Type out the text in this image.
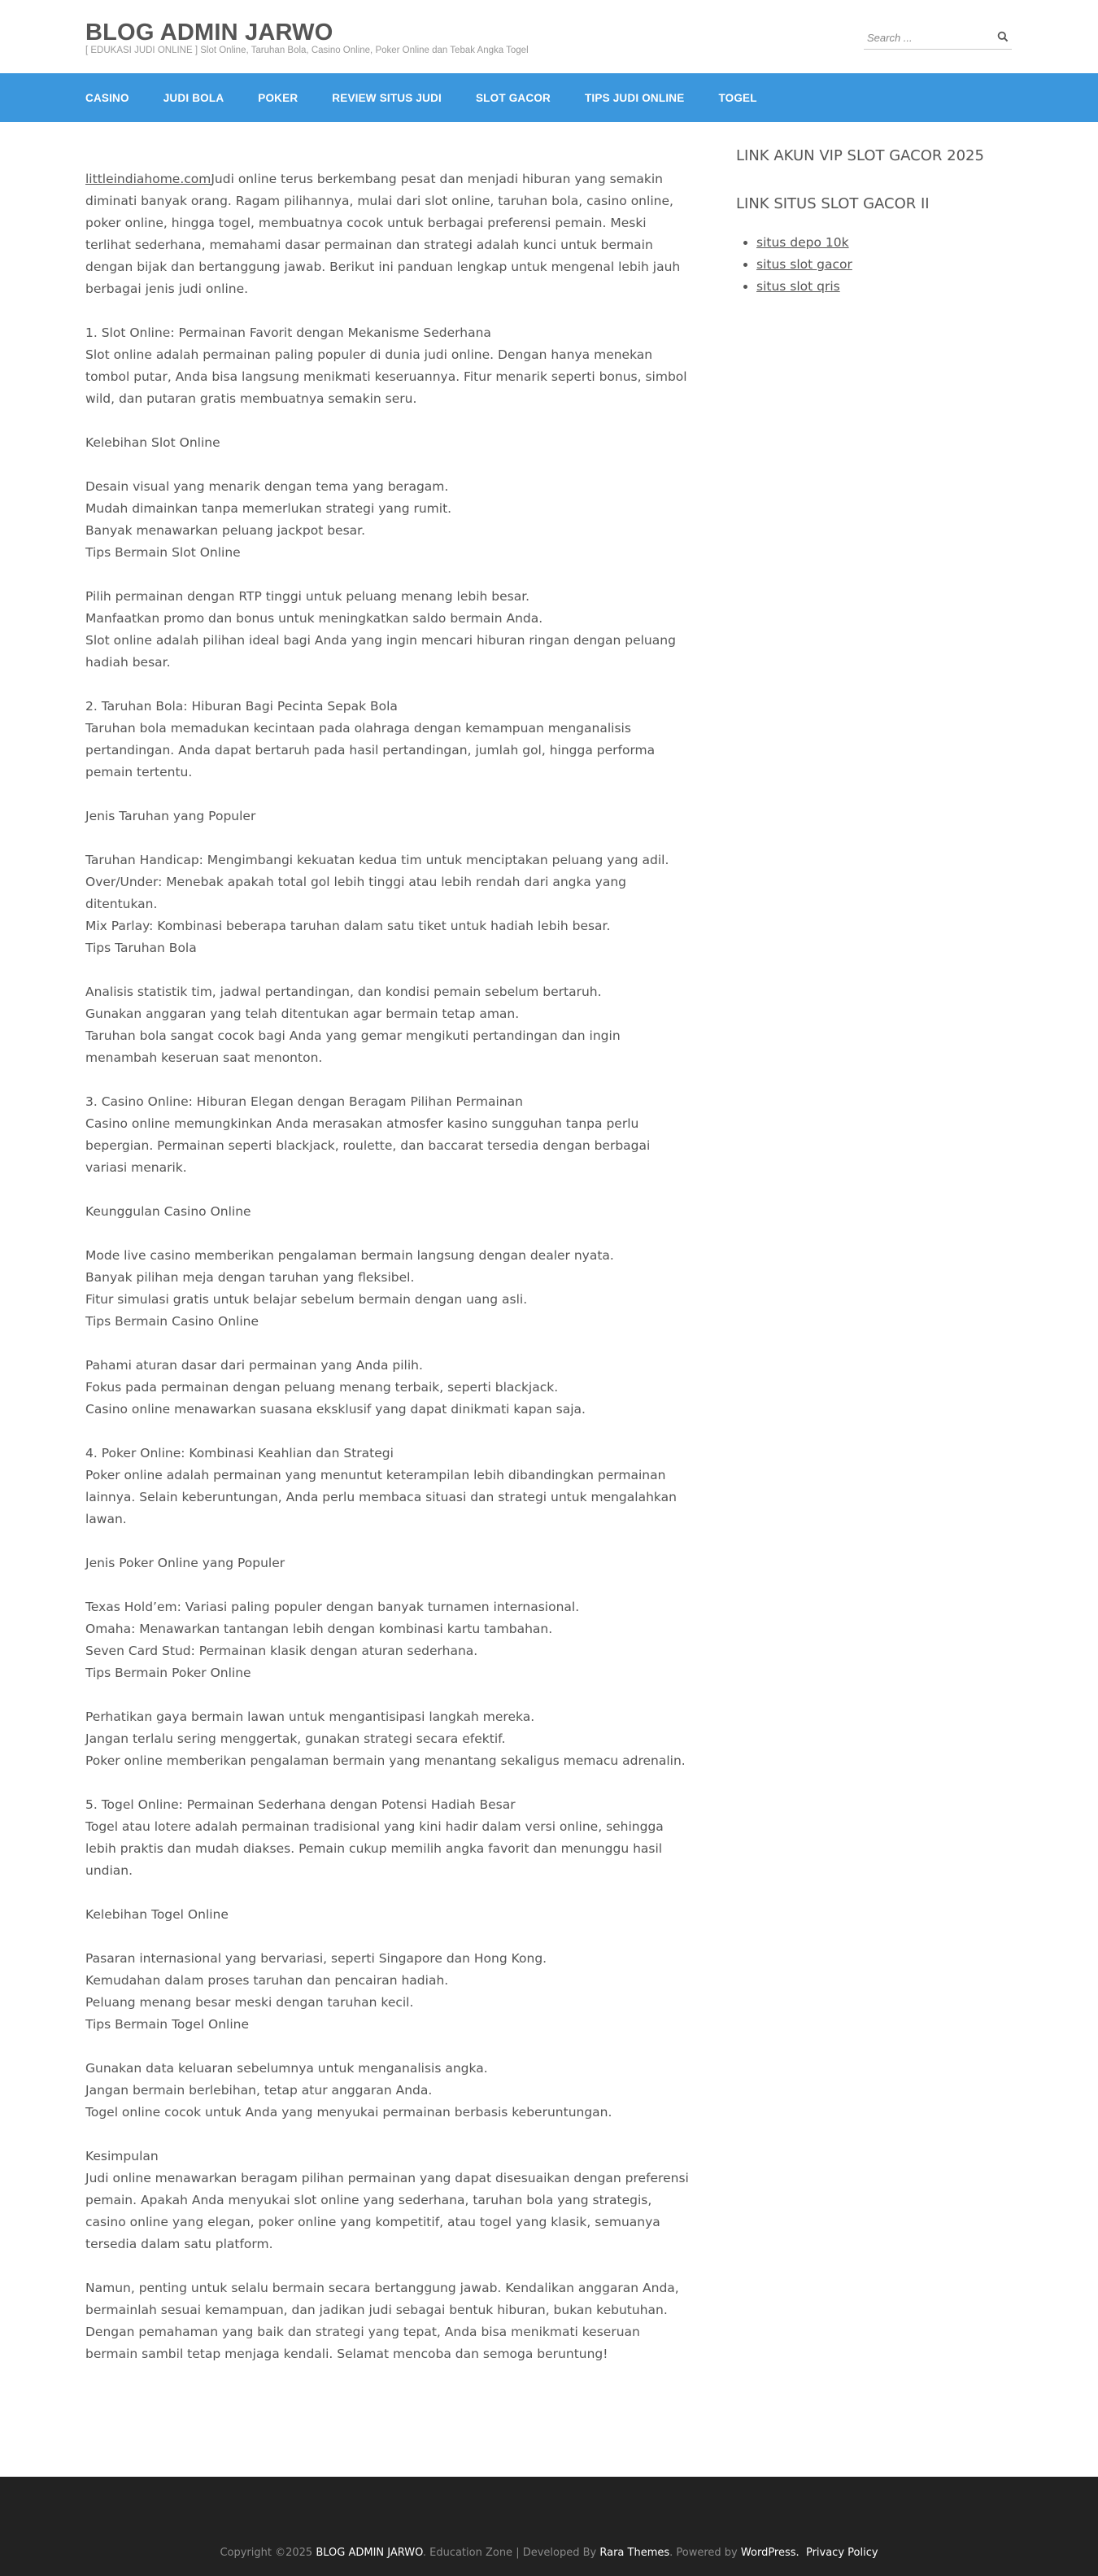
BLOG ADMIN JARWO
[ EDUKASI JUDI ONLINE ] Slot Online, Taruhan Bola, Casino Online, Poker Online dan Tebak Angka Togel
Search ...
CASINO	JUDI BOLA	POKER	REVIEW SITUS JUDI	SLOT GACOR	TIPS JUDI ONLINE	TOGEL

littleindiahome.comJudi online terus berkembang pesat dan menjadi hiburan yang semakin diminati banyak orang. Ragam pilihannya, mulai dari slot online, taruhan bola, casino online, poker online, hingga togel, membuatnya cocok untuk berbagai preferensi pemain. Meski terlihat sederhana, memahami dasar permainan dan strategi adalah kunci untuk bermain dengan bijak dan bertanggung jawab. Berikut ini panduan lengkap untuk mengenal lebih jauh berbagai jenis judi online.

1. Slot Online: Permainan Favorit dengan Mekanisme Sederhana
Slot online adalah permainan paling populer di dunia judi online. Dengan hanya menekan tombol putar, Anda bisa langsung menikmati keseruannya. Fitur menarik seperti bonus, simbol wild, dan putaran gratis membuatnya semakin seru.

Kelebihan Slot Online

Desain visual yang menarik dengan tema yang beragam.
Mudah dimainkan tanpa memerlukan strategi yang rumit.
Banyak menawarkan peluang jackpot besar.
Tips Bermain Slot Online

Pilih permainan dengan RTP tinggi untuk peluang menang lebih besar.
Manfaatkan promo dan bonus untuk meningkatkan saldo bermain Anda.
Slot online adalah pilihan ideal bagi Anda yang ingin mencari hiburan ringan dengan peluang hadiah besar.

2. Taruhan Bola: Hiburan Bagi Pecinta Sepak Bola
Taruhan bola memadukan kecintaan pada olahraga dengan kemampuan menganalisis pertandingan. Anda dapat bertaruh pada hasil pertandingan, jumlah gol, hingga performa pemain tertentu.

Jenis Taruhan yang Populer

Taruhan Handicap: Mengimbangi kekuatan kedua tim untuk menciptakan peluang yang adil.
Over/Under: Menebak apakah total gol lebih tinggi atau lebih rendah dari angka yang ditentukan.
Mix Parlay: Kombinasi beberapa taruhan dalam satu tiket untuk hadiah lebih besar.
Tips Taruhan Bola

Analisis statistik tim, jadwal pertandingan, dan kondisi pemain sebelum bertaruh.
Gunakan anggaran yang telah ditentukan agar bermain tetap aman.
Taruhan bola sangat cocok bagi Anda yang gemar mengikuti pertandingan dan ingin menambah keseruan saat menonton.

3. Casino Online: Hiburan Elegan dengan Beragam Pilihan Permainan
Casino online memungkinkan Anda merasakan atmosfer kasino sungguhan tanpa perlu bepergian. Permainan seperti blackjack, roulette, dan baccarat tersedia dengan berbagai variasi menarik.

Keunggulan Casino Online

Mode live casino memberikan pengalaman bermain langsung dengan dealer nyata.
Banyak pilihan meja dengan taruhan yang fleksibel.
Fitur simulasi gratis untuk belajar sebelum bermain dengan uang asli.
Tips Bermain Casino Online

Pahami aturan dasar dari permainan yang Anda pilih.
Fokus pada permainan dengan peluang menang terbaik, seperti blackjack.
Casino online menawarkan suasana eksklusif yang dapat dinikmati kapan saja.

4. Poker Online: Kombinasi Keahlian dan Strategi
Poker online adalah permainan yang menuntut keterampilan lebih dibandingkan permainan lainnya. Selain keberuntungan, Anda perlu membaca situasi dan strategi untuk mengalahkan lawan.

Jenis Poker Online yang Populer

Texas Hold’em: Variasi paling populer dengan banyak turnamen internasional.
Omaha: Menawarkan tantangan lebih dengan kombinasi kartu tambahan.
Seven Card Stud: Permainan klasik dengan aturan sederhana.
Tips Bermain Poker Online

Perhatikan gaya bermain lawan untuk mengantisipasi langkah mereka.
Jangan terlalu sering menggertak, gunakan strategi secara efektif.
Poker online memberikan pengalaman bermain yang menantang sekaligus memacu adrenalin.

5. Togel Online: Permainan Sederhana dengan Potensi Hadiah Besar
Togel atau lotere adalah permainan tradisional yang kini hadir dalam versi online, sehingga lebih praktis dan mudah diakses. Pemain cukup memilih angka favorit dan menunggu hasil undian.

Kelebihan Togel Online

Pasaran internasional yang bervariasi, seperti Singapore dan Hong Kong.
Kemudahan dalam proses taruhan dan pencairan hadiah.
Peluang menang besar meski dengan taruhan kecil.
Tips Bermain Togel Online

Gunakan data keluaran sebelumnya untuk menganalisis angka.
Jangan bermain berlebihan, tetap atur anggaran Anda.
Togel online cocok untuk Anda yang menyukai permainan berbasis keberuntungan.

Kesimpulan
Judi online menawarkan beragam pilihan permainan yang dapat disesuaikan dengan preferensi pemain. Apakah Anda menyukai slot online yang sederhana, taruhan bola yang strategis, casino online yang elegan, poker online yang kompetitif, atau togel yang klasik, semuanya tersedia dalam satu platform.

Namun, penting untuk selalu bermain secara bertanggung jawab. Kendalikan anggaran Anda, bermainlah sesuai kemampuan, dan jadikan judi sebagai bentuk hiburan, bukan kebutuhan. Dengan pemahaman yang baik dan strategi yang tepat, Anda bisa menikmati keseruan bermain sambil tetap menjaga kendali. Selamat mencoba dan semoga beruntung!

LINK AKUN VIP SLOT GACOR 2025
LINK SITUS SLOT GACOR II
• situs depo 10k
• situs slot gacor
• situs slot qris
Copyright ©2025 BLOG ADMIN JARWO. Education Zone | Developed By Rara Themes. Powered by WordPress. Privacy Policy
